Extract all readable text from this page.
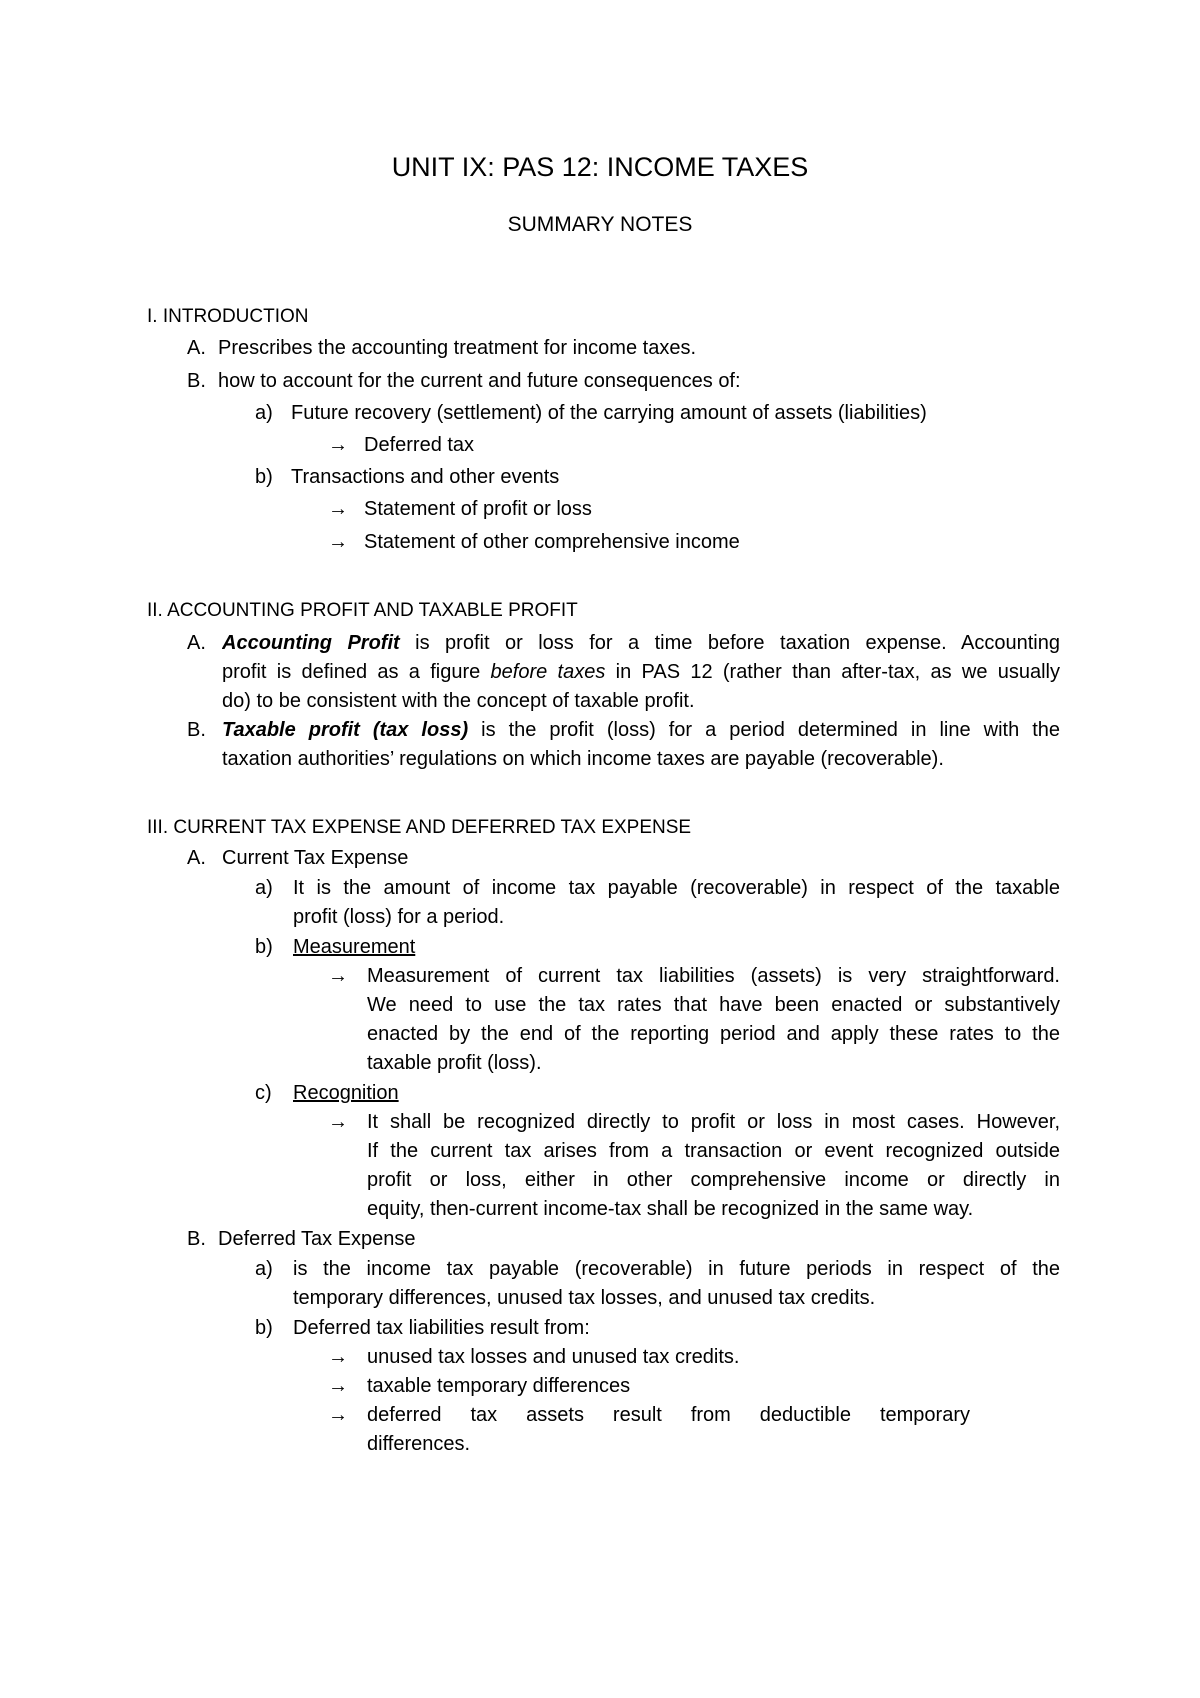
UNIT IX: PAS 12: INCOME TAXES
SUMMARY NOTES
I. INTRODUCTION
A. Prescribes the accounting treatment for income taxes.
B. how to account for the current and future consequences of:
a) Future recovery (settlement) of the carrying amount of assets (liabilities)
→ Deferred tax
b) Transactions and other events
→ Statement of profit or loss
→ Statement of other comprehensive income
II. ACCOUNTING PROFIT AND TAXABLE PROFIT
A. Accounting Profit is profit or loss for a time before taxation expense. Accounting
profit is defined as a figure before taxes in PAS 12 (rather than after-tax, as we usually
do) to be consistent with the concept of taxable profit.
B. Taxable profit (tax loss) is the profit (loss) for a period determined in line with the
taxation authorities’ regulations on which income taxes are payable (recoverable).
III. CURRENT TAX EXPENSE AND DEFERRED TAX EXPENSE
A. Current Tax Expense
a) It is the amount of income tax payable (recoverable) in respect of the taxable
profit (loss) for a period.
b) Measurement
→ Measurement of current tax liabilities (assets) is very straightforward.
We need to use the tax rates that have been enacted or substantively
enacted by the end of the reporting period and apply these rates to the
taxable profit (loss).
c) Recognition
→ It shall be recognized directly to profit or loss in most cases. However,
If the current tax arises from a transaction or event recognized outside
profit or loss, either in other comprehensive income or directly in
equity, then-current income-tax shall be recognized in the same way.
B. Deferred Tax Expense
a) is the income tax payable (recoverable) in future periods in respect of the
temporary differences, unused tax losses, and unused tax credits.
b) Deferred tax liabilities result from:
→ unused tax losses and unused tax credits.
→ taxable temporary differences
→ deferred tax assets result from deductible temporary
differences.
